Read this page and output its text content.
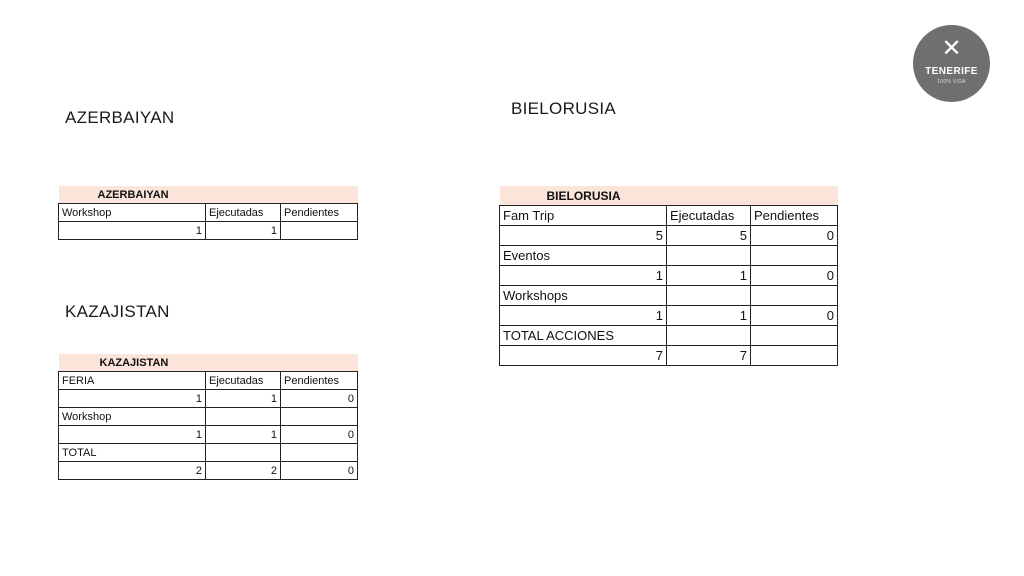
AZERBAIYAN
KAZAJISTAN
BIELORUSIA
✕
TENERIFE
100% VIDA
AZERBAIYAN		
Workshop	Ejecutadas	Pendientes
1	1	
KAZAJISTAN		
FERIA	Ejecutadas	Pendientes
1	1	0
Workshop		
1	1	0
TOTAL		
2	2	0
BIELORUSIA		
Fam Trip	Ejecutadas	Pendientes
5	5	0
Eventos		
1	1	0
Workshops		
1	1	0
TOTAL ACCIONES		
7	7	
